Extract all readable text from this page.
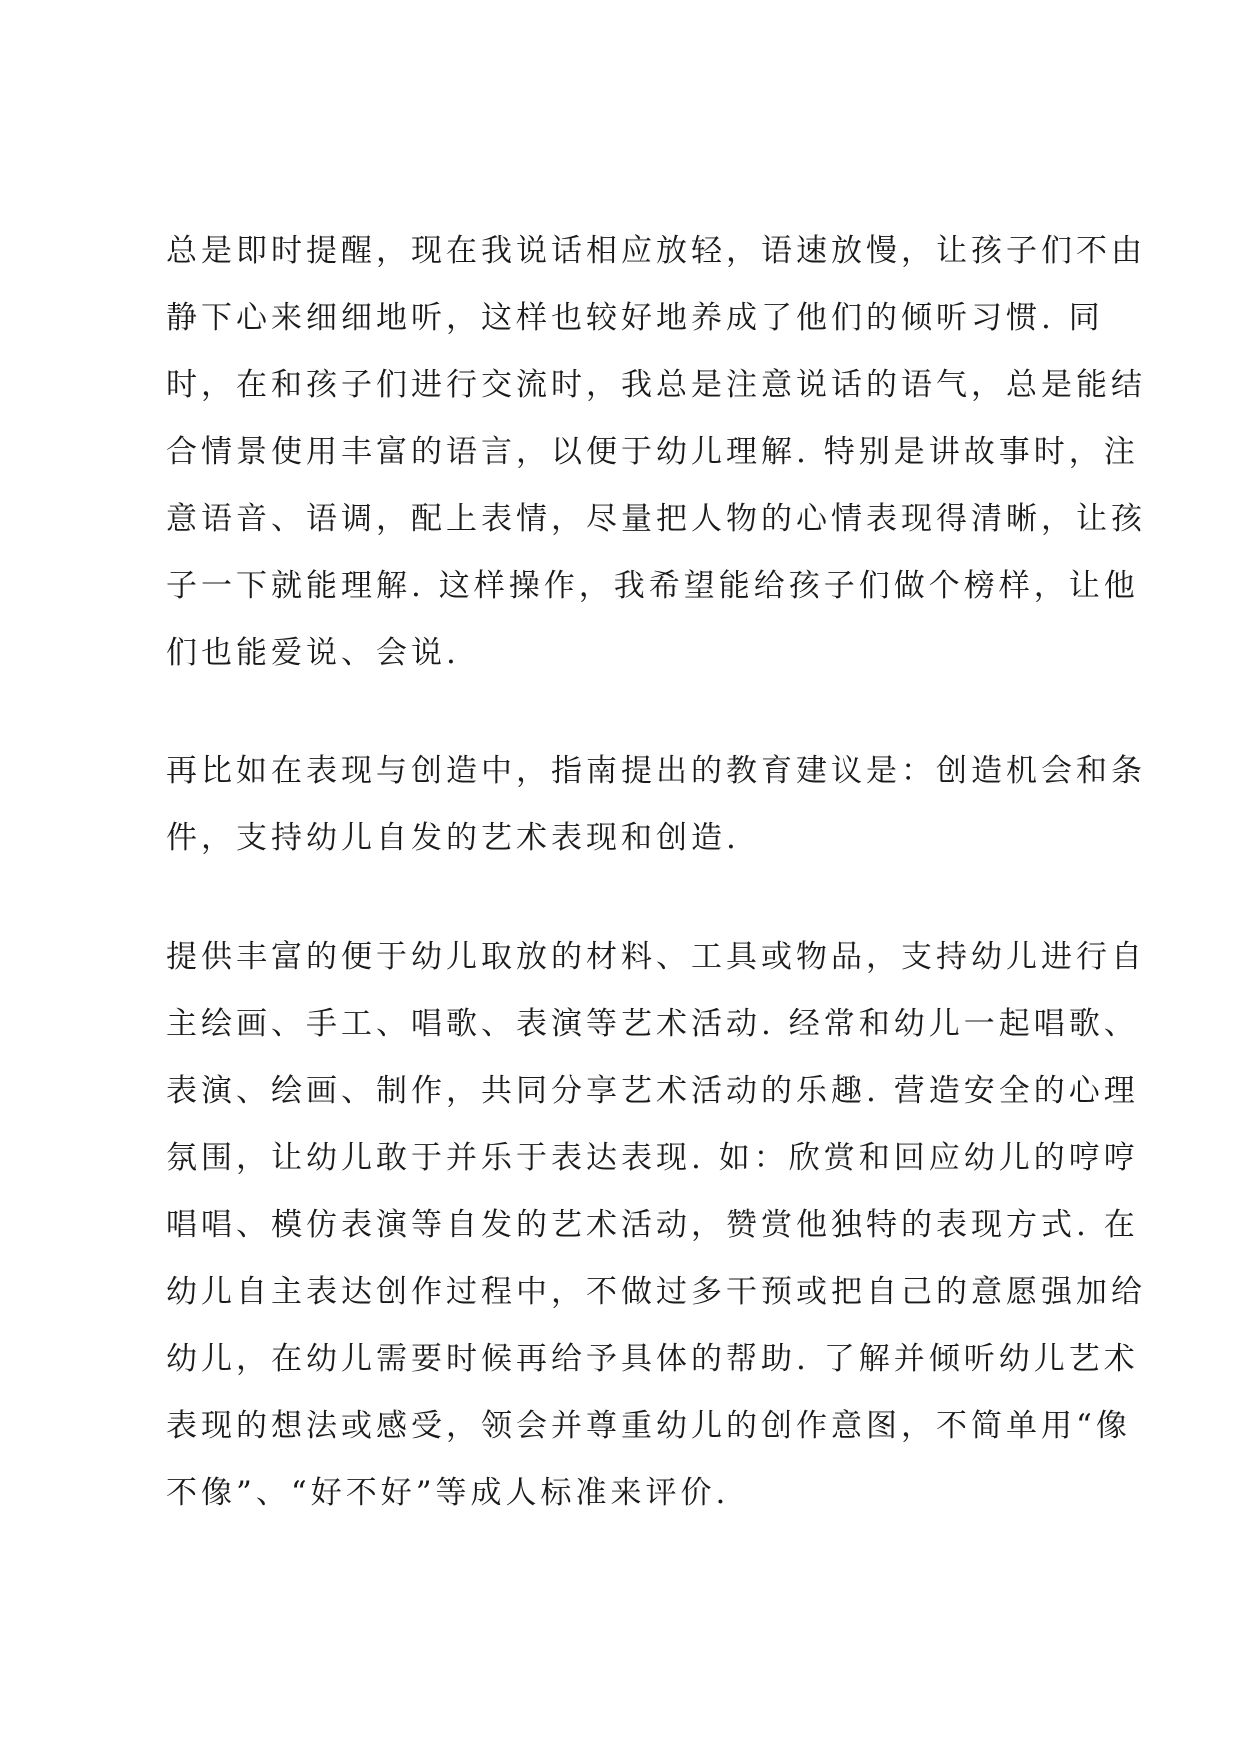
总是即时提醒，现在我说话相应放轻，语速放慢，让孩子们不由
静下心来细细地听，这样也较好地养成了他们的倾听习惯. 同
时，在和孩子们进行交流时，我总是注意说话的语气，总是能结
合情景使用丰富的语言，以便于幼儿理解. 特别是讲故事时，注
意语音、语调，配上表情，尽量把人物的心情表现得清晰，让孩
子一下就能理解. 这样操作，我希望能给孩子们做个榜样，让他
们也能爱说、会说.
再比如在表现与创造中，指南提出的教育建议是：创造机会和条
件，支持幼儿自发的艺术表现和创造.
提供丰富的便于幼儿取放的材料、工具或物品，支持幼儿进行自
主绘画、手工、唱歌、表演等艺术活动. 经常和幼儿一起唱歌、
表演、绘画、制作，共同分享艺术活动的乐趣. 营造安全的心理
氛围，让幼儿敢于并乐于表达表现. 如：欣赏和回应幼儿的哼哼
唱唱、模仿表演等自发的艺术活动，赞赏他独特的表现方式. 在
幼儿自主表达创作过程中，不做过多干预或把自己的意愿强加给
幼儿，在幼儿需要时候再给予具体的帮助. 了解并倾听幼儿艺术
表现的想法或感受，领会并尊重幼儿的创作意图，不简单用“像
不像”、“好不好”等成人标准来评价.
